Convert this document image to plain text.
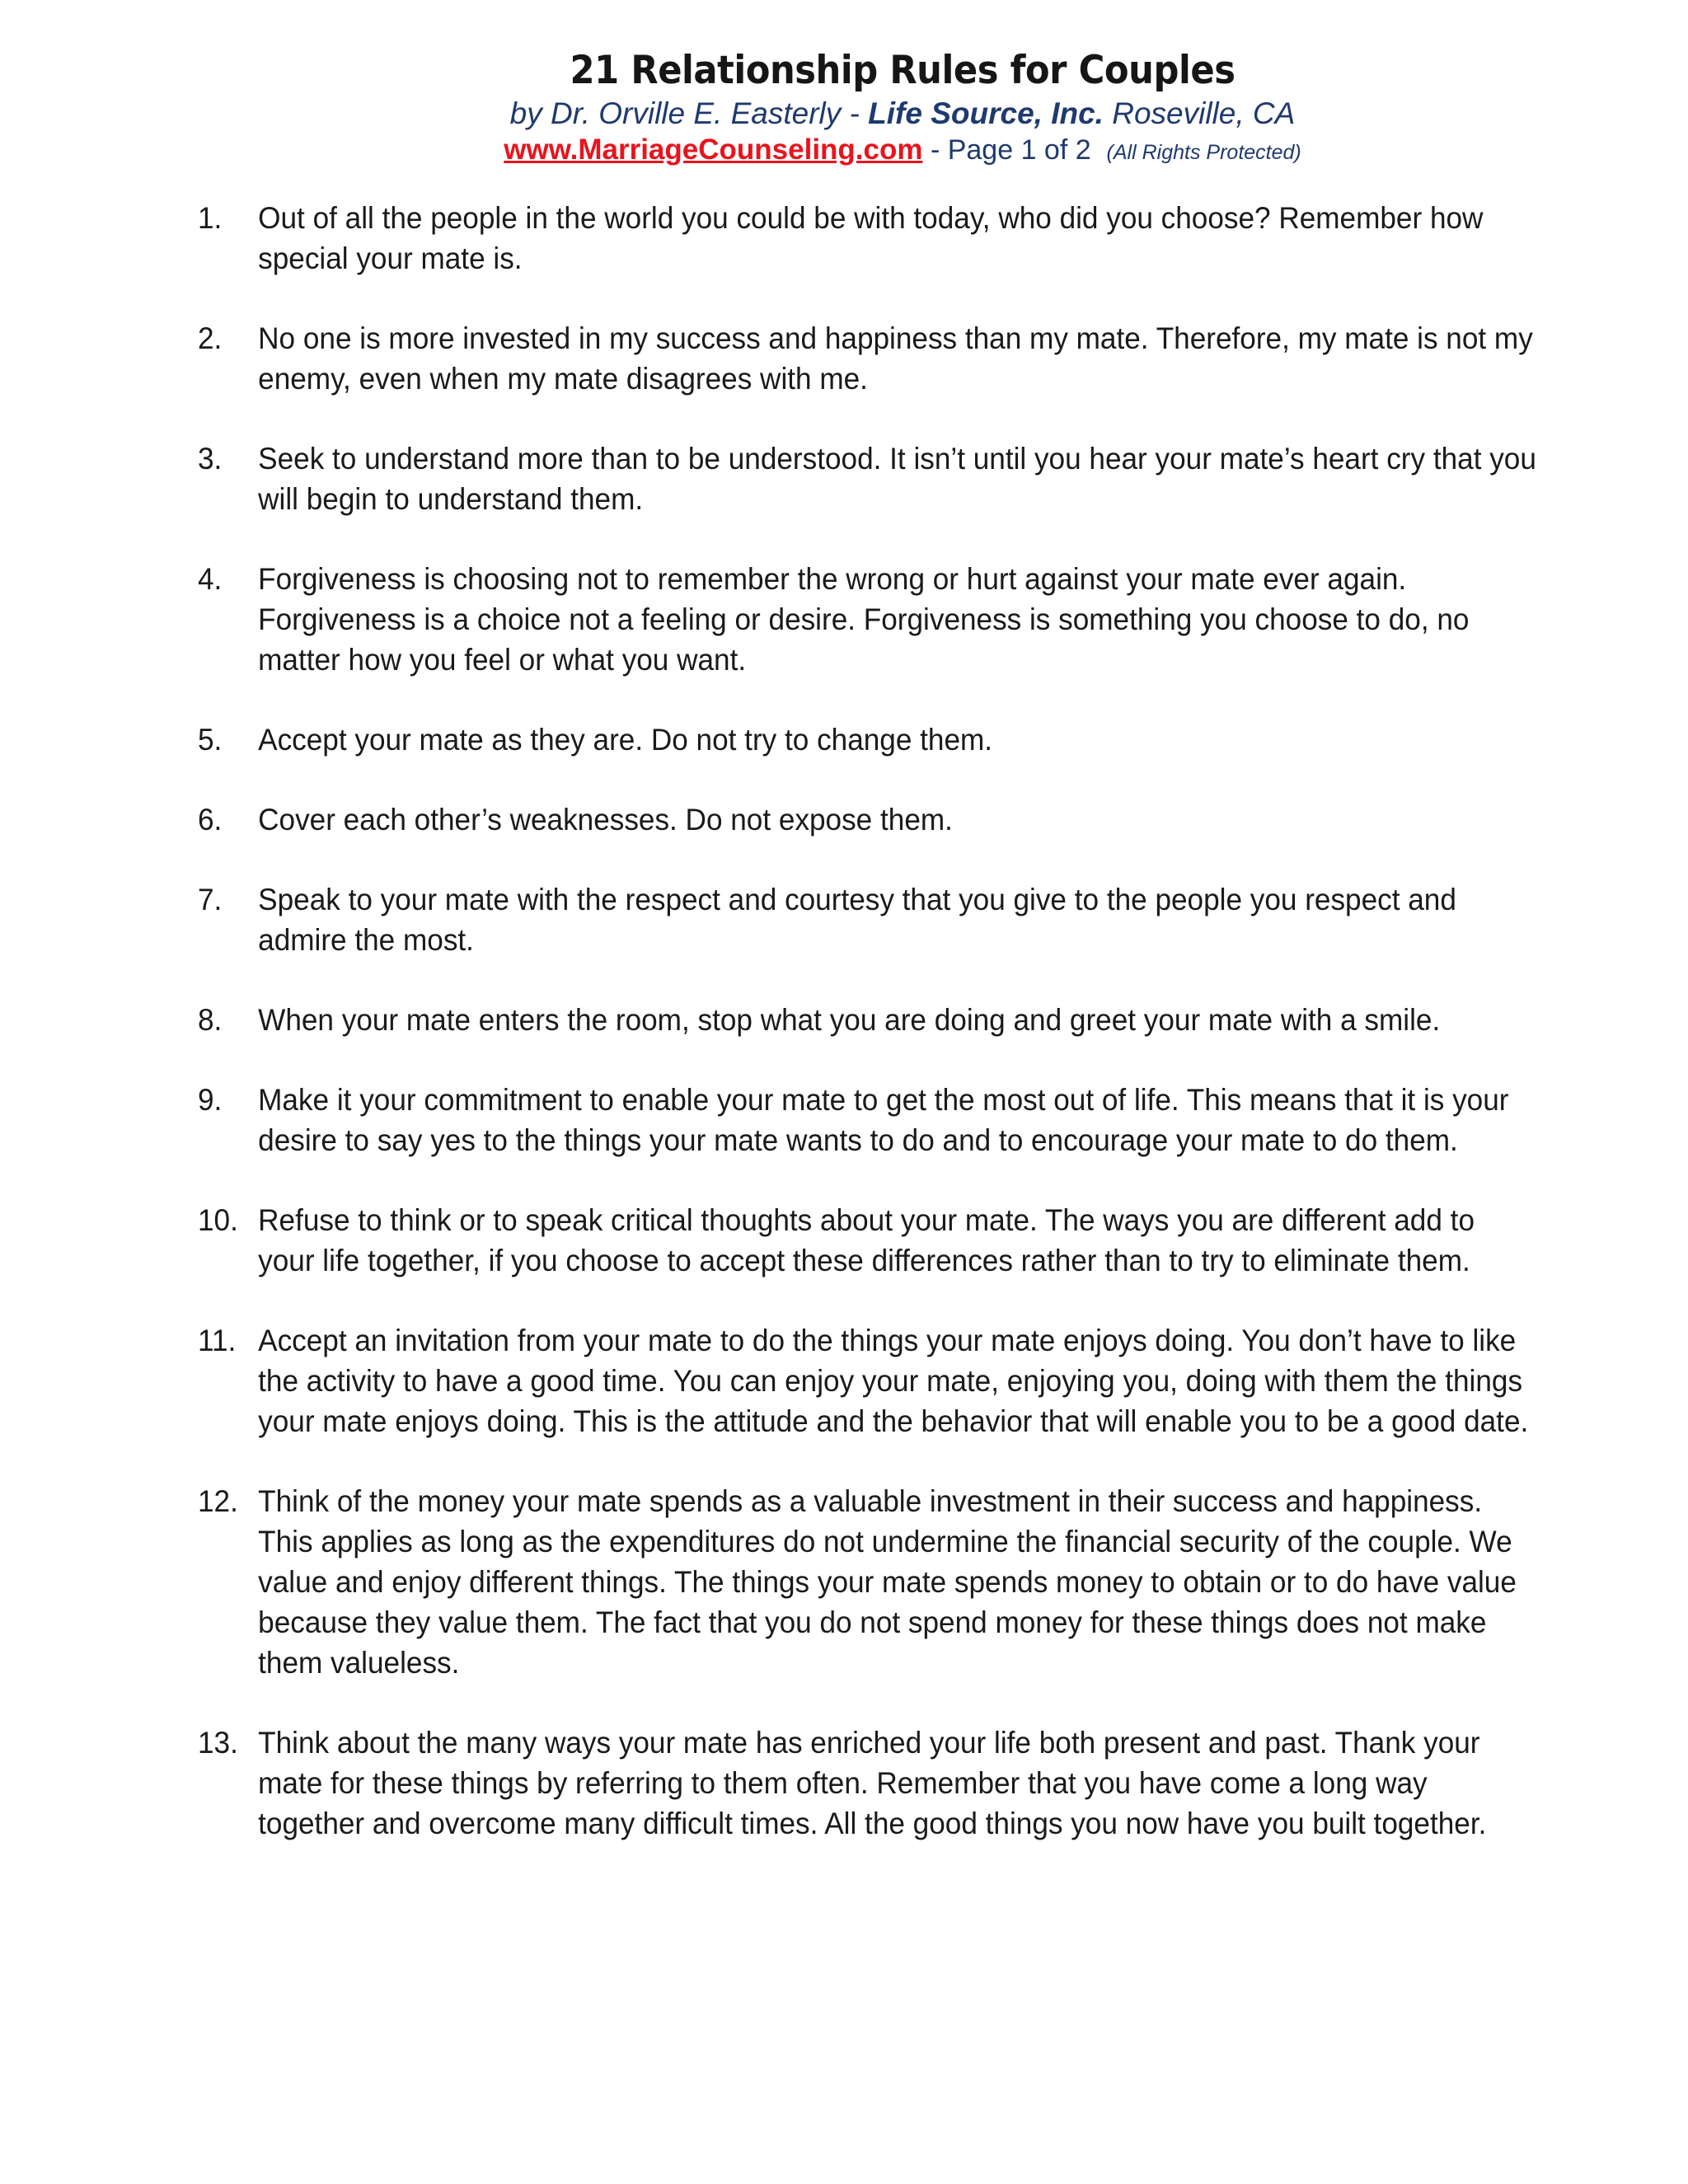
21 Relationship Rules for Couples
by Dr. Orville E. Easterly - Life Source, Inc. Roseville, CA
www.MarriageCounseling.com - Page 1 of 2 (All Rights Protected)
1. Out of all the people in the world you could be with today, who did you choose? Remember how special your mate is.
2. No one is more invested in my success and happiness than my mate. Therefore, my mate is not my enemy, even when my mate disagrees with me.
3. Seek to understand more than to be understood. It isn’t until you hear your mate’s heart cry that you will begin to understand them.
4. Forgiveness is choosing not to remember the wrong or hurt against your mate ever again. Forgiveness is a choice not a feeling or desire. Forgiveness is something you choose to do, no matter how you feel or what you want.
5. Accept your mate as they are. Do not try to change them.
6. Cover each other’s weaknesses. Do not expose them.
7. Speak to your mate with the respect and courtesy that you give to the people you respect and admire the most.
8. When your mate enters the room, stop what you are doing and greet your mate with a smile.
9. Make it your commitment to enable your mate to get the most out of life. This means that it is your desire to say yes to the things your mate wants to do and to encourage your mate to do them.
10. Refuse to think or to speak critical thoughts about your mate. The ways you are different add to your life together, if you choose to accept these differences rather than to try to eliminate them.
11. Accept an invitation from your mate to do the things your mate enjoys doing. You don’t have to like the activity to have a good time. You can enjoy your mate, enjoying you, doing with them the things your mate enjoys doing. This is the attitude and the behavior that will enable you to be a good date.
12. Think of the money your mate spends as a valuable investment in their success and happiness. This applies as long as the expenditures do not undermine the financial security of the couple. We value and enjoy different things. The things your mate spends money to obtain or to do have value because they value them. The fact that you do not spend money for these things does not make them valueless.
13. Think about the many ways your mate has enriched your life both present and past. Thank your mate for these things by referring to them often. Remember that you have come a long way together and overcome many difficult times. All the good things you now have you built together.
